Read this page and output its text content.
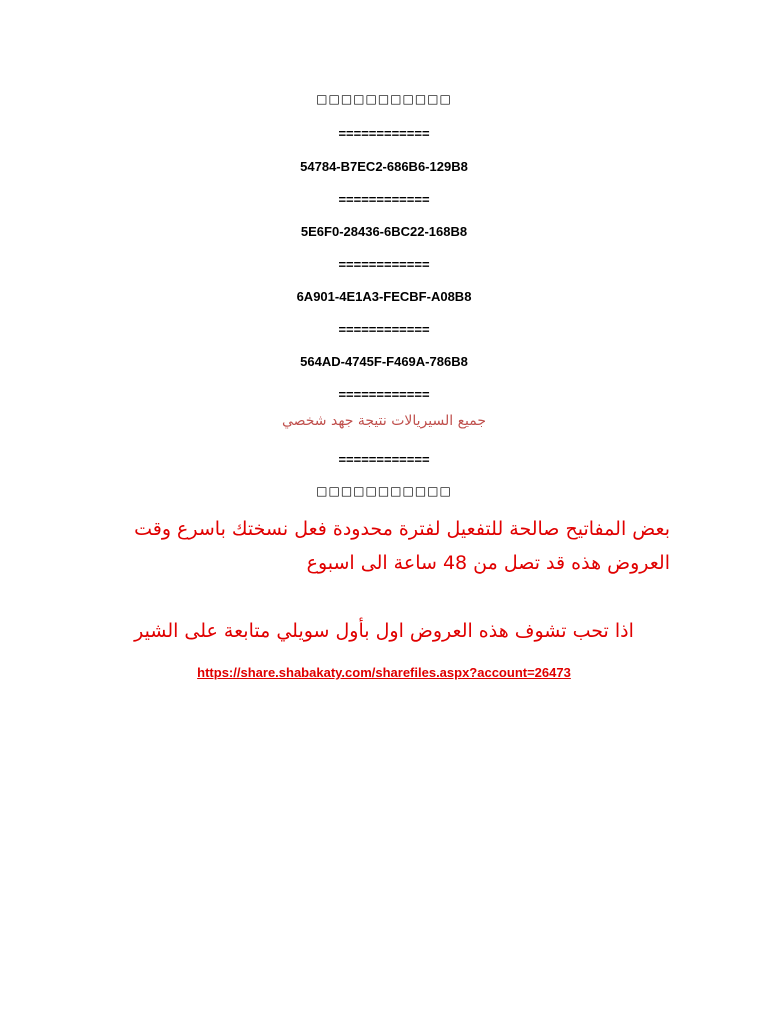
□□□□□□□□□□□
============
54784-B7EC2-686B6-129B8
============
5E6F0-28436-6BC22-168B8
============
6A901-4E1A3-FECBF-A08B8
============
564AD-4745F-F469A-786B8
============
جميع السيريالات نتيجة جهد شخصي
============
□□□□□□□□□□□
بعض المفاتيح صالحة للتفعيل لفترة محدودة فعل نسختك باسرع وقت العروض هذه قد تصل من 48 ساعة الى اسبوع
اذا تحب تشوف هذه العروض اول بأول سويلي متابعة على الشير
https://share.shabakaty.com/sharefiles.aspx?account=26473
